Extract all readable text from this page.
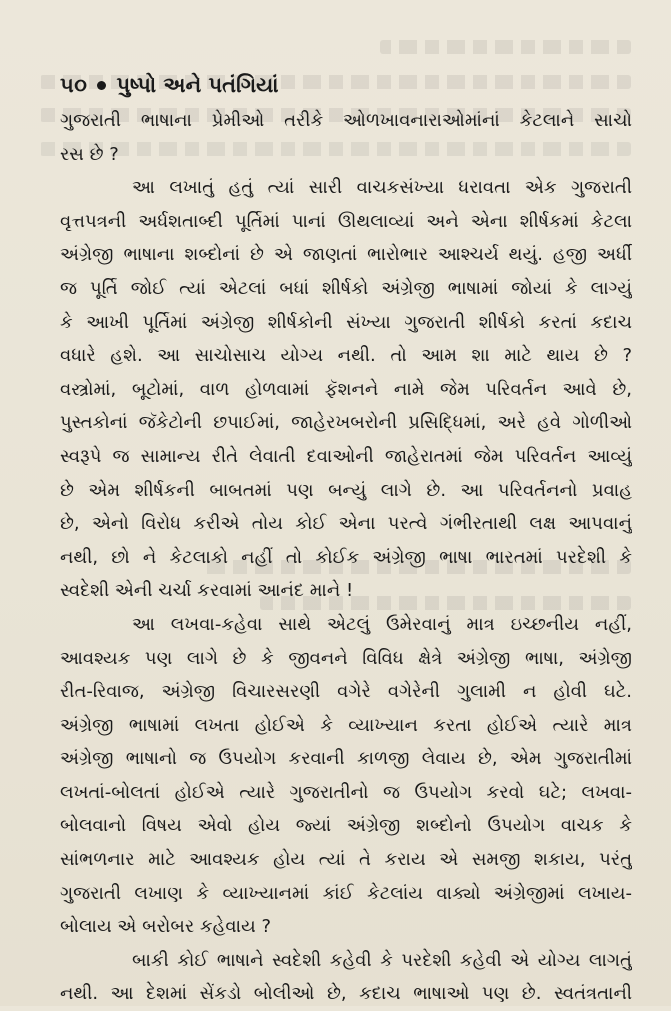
૫૦ પુષ્પો અને પતંગિયાં
ગુજરાતી ભાષાના પ્રેમીઓ તરીકે ઓળખાવનારાઓમાંનાં કેટલાને સાચો
રસ છે ?
આ લખાતું હતું ત્યાં સારી વાચકસંખ્યા ધરાવતા એક ગુજરાતી
વૃત્તપત્રની અર્ધશતાબ્દી પૂર્તિમાં પાનાં ઊથલાવ્યાં અને એના શીર્ષકમાં કેટલા
અંગ્રેજી ભાષાના શબ્દોનાં છે એ જાણતાં ભારોભાર આશ્ચર્ય થયું. હજી અર્ધી
જ પૂર્તિ જોઈ ત્યાં એટલાં બધાં શીર્ષકો અંગ્રેજી ભાષામાં જોયાં કે લાગ્યું
કે આખી પૂર્તિમાં અંગ્રેજી શીર્ષકોની સંખ્યા ગુજરાતી શીર્ષકો કરતાં કદાચ
વધારે હશે. આ સાચોસાચ યોગ્ય નથી. તો આમ શા માટે થાય છે ?
વસ્ત્રોમાં, બૂટોમાં, વાળ હોળવામાં ફૅશનને નામે જેમ પરિવર્તન આવે છે,
પુસ્તકોનાં જૅકેટોની છપાઈમાં, જાહેરખબરોની પ્રસિદ્ધિમાં, અરે હવે ગોળીઓ
સ્વરૂપે જ સામાન્ય રીતે લેવાતી દવાઓની જાહેરાતમાં જેમ પરિવર્તન આવ્યું
છે એમ શીર્ષકની બાબતમાં પણ બન્યું લાગે છે. આ પરિવર્તનનો પ્રવાહ
છે, એનો વિરોધ કરીએ તોય કોઈ એના પરત્વે ગંભીરતાથી લક્ષ આપવાનું
નથી, છો ને કેટલાકો નહીં તો કોઈક અંગ્રેજી ભાષા ભારતમાં પરદેશી કે
સ્વદેશી એની ચર્ચા કરવામાં આનંદ માને !
આ લખવા-કહેવા સાથે એટલું ઉમેરવાનું માત્ર ઇચ્છનીય નહીં,
આવશ્યક પણ લાગે છે કે જીવનને વિવિધ ક્ષેત્રે અંગ્રેજી ભાષા, અંગ્રેજી
રીત-રિવાજ, અંગ્રેજી વિચારસરણી વગેરે વગેરેની ગુલામી ન હોવી ઘટે.
અંગ્રેજી ભાષામાં લખતા હોઈએ કે વ્યાખ્યાન કરતા હોઈએ ત્યારે માત્ર
અંગ્રેજી ભાષાનો જ ઉપયોગ કરવાની કાળજી લેવાય છે, એમ ગુજરાતીમાં
લખતાં-બોલતાં હોઈએ ત્યારે ગુજરાતીનો જ ઉપયોગ કરવો ઘટે; લખવા-
બોલવાનો વિષય એવો હોય જ્યાં અંગ્રેજી શબ્દોનો ઉપયોગ વાચક કે
સાંભળનાર માટે આવશ્યક હોય ત્યાં તે કરાય એ સમજી શકાય, પરંતુ
ગુજરાતી લખાણ કે વ્યાખ્યાનમાં કાંઈ કેટલાંય વાક્યો અંગ્રેજીમાં લખાય-
બોલાય એ બરોબર કહેવાય ?
બાકી કોઈ ભાષાને સ્વદેશી કહેવી કે પરદેશી કહેવી એ યોગ્ય લાગતું
નથી. આ દેશમાં સેંકડો બોલીઓ છે, કદાચ ભાષાઓ પણ છે. સ્વતંત્રતાની
